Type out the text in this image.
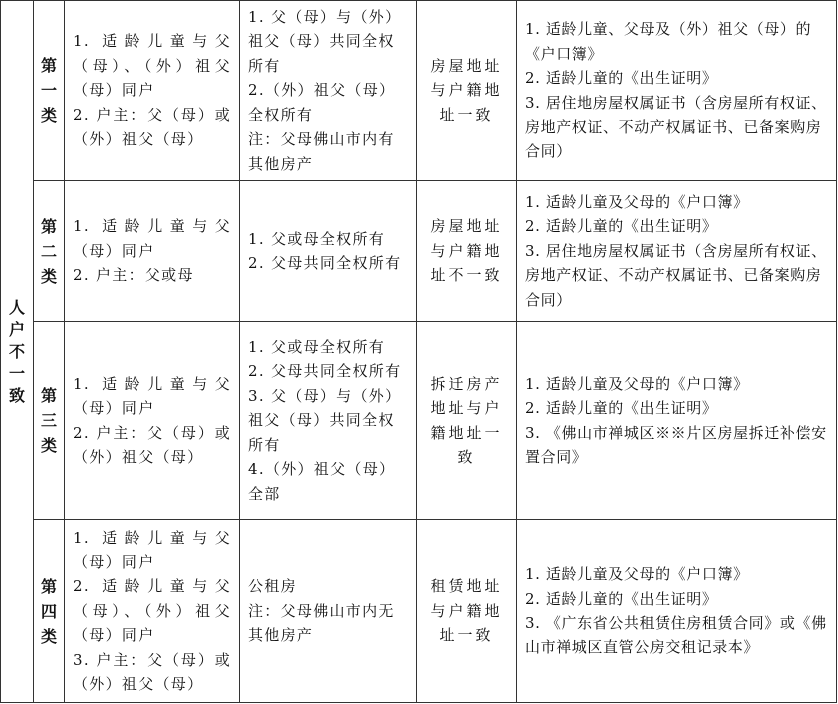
人户不一致	第一类	1. 适龄儿童与父（母）、（外）祖父（母）同户
2. 户主：父（母）或（外）祖父（母）	1. 父（母）与（外）祖父（母）共同全权所有
2.（外）祖父（母）全权所有
注：父母佛山市内有其他房产	房屋地址与户籍地址一致	1. 适龄儿童、父母及（外）祖父（母）的《户口簿》
2. 适龄儿童的《出生证明》
3. 居住地房屋权属证书（含房屋所有权证、房地产权证、不动产权属证书、已备案购房合同）
	第二类	1. 适龄儿童与父（母）同户
2. 户主：父或母	1. 父或母全权所有
2. 父母共同全权所有	房屋地址与户籍地址不一致	1. 适龄儿童及父母的《户口簿》
2. 适龄儿童的《出生证明》
3. 居住地房屋权属证书（含房屋所有权证、房地产权证、不动产权属证书、已备案购房合同）
	第三类	1. 适龄儿童与父（母）同户
2. 户主：父（母）或（外）祖父（母）	1. 父或母全权所有
2. 父母共同全权所有
3. 父（母）与（外）祖父（母）共同全权所有
4.（外）祖父（母）全部	拆迁房产地址与户籍地址一致	1. 适龄儿童及父母的《户口簿》
2. 适龄儿童的《出生证明》
3. 《佛山市禅城区※※片区房屋拆迁补偿安置合同》
	第四类	1. 适龄儿童与父（母）同户
2. 适龄儿童与父（母）、（外）祖父（母）同户
3. 户主：父（母）或（外）祖父（母）	公租房
注：父母佛山市内无其他房产	租赁地址与户籍地址一致	1. 适龄儿童及父母的《户口簿》
2. 适龄儿童的《出生证明》
3. 《广东省公共租赁住房租赁合同》或《佛山市禅城区直管公房交租记录本》
